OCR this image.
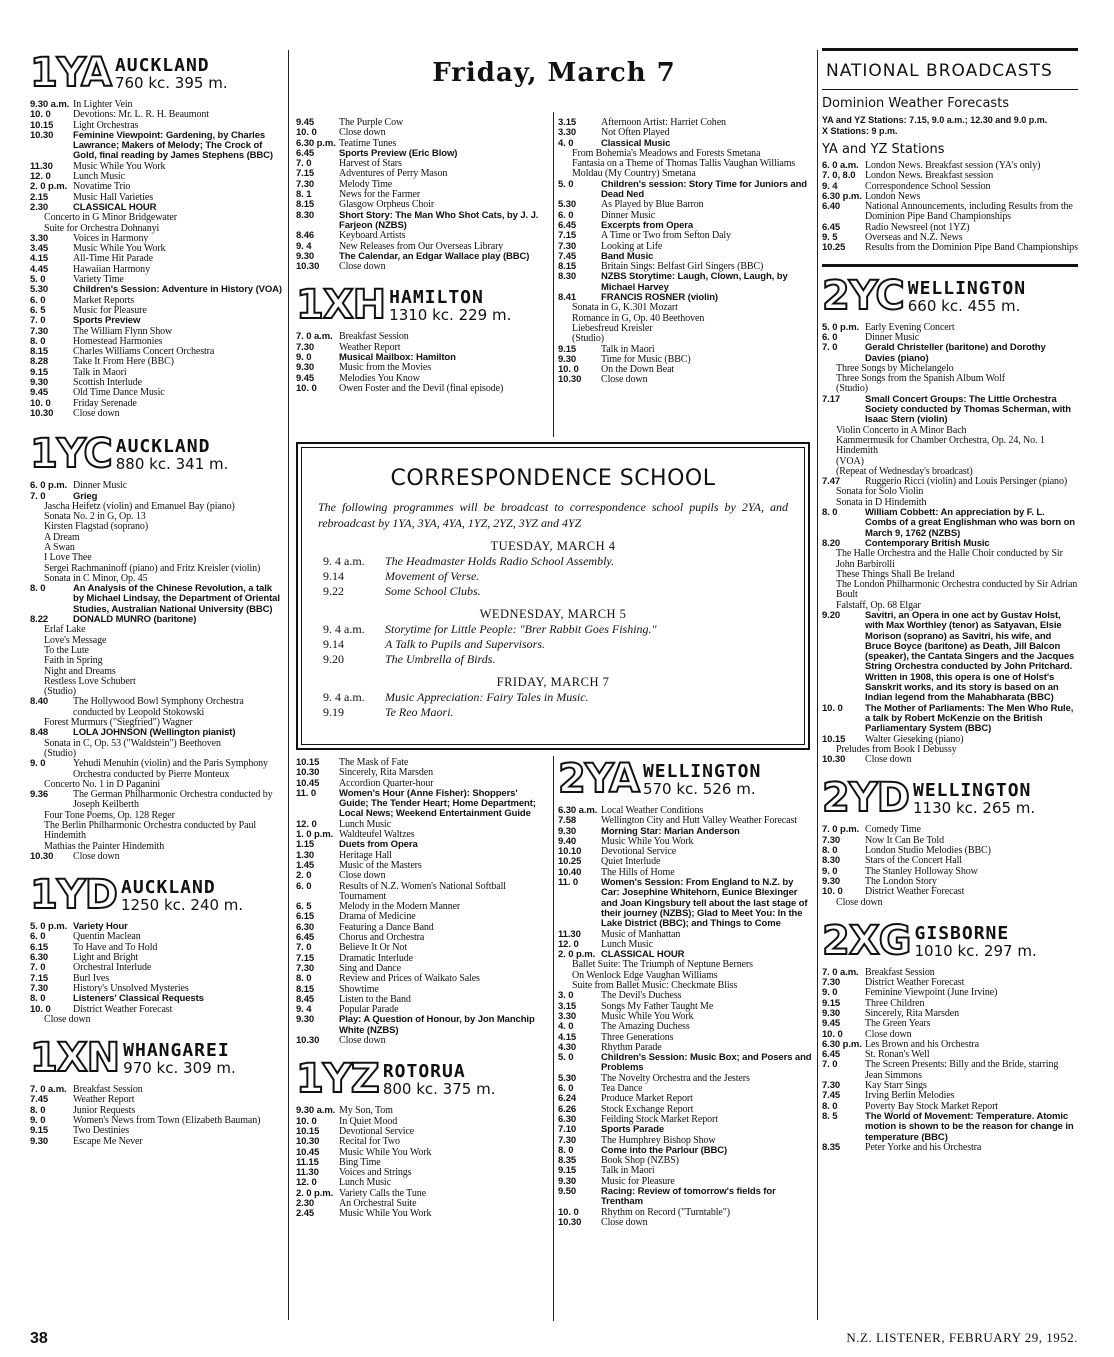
Friday, March 7
1YA AUCKLAND
760 kc. 395 m.
9.30 a.m. In Lighter Vein
10. 0	Devotions: Mr. L. R. H. Beaumont
10.15	Light Orchestras
10.30	Feminine Viewpoint: Gardening, by Charles Lawrance; Makers of Melody; The Crock of Gold, final reading by James Stephens (BBC)
11.30	Music While You Work
12. 0	Lunch Music
2. 0 p.m. Novatime Trio
2.15	Music Hall Varieties
2.30	CLASSICAL HOUR
Concerto in G Minor Bridgewater
Suite for Orchestra Dohnanyi
3.30	Voices in Harmony
3.45	Music While You Work
4.15	All-Time Hit Parade
4.45	Hawaiian Harmony
5. 0	Variety Time
5.30	Children's Session: Adventure in History (VOA)
6. 0	Market Reports
6. 5	Music for Pleasure
7. 0	Sports Preview
7.30	The William Flynn Show
8. 0	Homestead Harmonies
8.15	Charles Williams Concert Orchestra
8.28	Take It From Here (BBC)
9.15	Talk in Maori
9.30	Scottish Interlude
9.45	Old Time Dance Music
10. 0	Friday Serenade
10.30	Close down
1YC AUCKLAND
880 kc. 341 m.
6. 0 p.m. Dinner Music
7. 0	Grieg
Jascha Heifetz (violin) and Emanuel Bay (piano)
Sonata No. 2 in G, Op. 13
Kirsten Flagstad (soprano)
A Dream
A Swan
I Love Thee
Sergei Rachmaninoff (piano) and Fritz Kreisler (violin)
Sonata in C Minor, Op. 45
8. 0	An Analysis of the Chinese Revolution, a talk by Michael Lindsay, the Department of Oriental Studies, Australian National University (BBC)
8.22	DONALD MUNRO (baritone)
Erlaf Lake
Love's Message
To the Lute
Faith in Spring
Night and Dreams
Restless Love Schubert
(Studio)
8.40	The Hollywood Bowl Symphony Orchestra conducted by Leopold Stokowski
Forest Murmurs ("Siegfried") Wagner
8.48	LOLA JOHNSON (Wellington pianist)
Sonata in C, Op. 53 ("Waldstein") Beethoven
(Studio)
9. 0	Yehudi Menuhin (violin) and the Paris Symphony Orchestra conducted by Pierre Monteux
Concerto No. 1 in D Paganini
9.36	The German Philharmonic Orchestra conducted by Joseph Keilberth
Four Tone Poems, Op. 128 Reger
The Berlin Philharmonic Orchestra conducted by Paul Hindemith
Mathias the Painter Hindemith
10.30	Close down
1YD AUCKLAND
1250 kc. 240 m.
5. 0 p.m. Variety Hour
6. 0	Quentin Maclean
6.15	To Have and To Hold
6.30	Light and Bright
7. 0	Orchestral Interlude
7.15	Burl Ives
7.30	History's Unsolved Mysteries
8. 0	Listeners' Classical Requests
10. 0	District Weather Forecast
Close down
1XN WHANGAREI
970 kc. 309 m.
7. 0 a.m. Breakfast Session
7.45	Weather Report
8. 0	Junior Requests
9. 0	Women's News from Town (Elizabeth Bauman)
9.15	Two Destinies
9.30	Escape Me Never
9.45	The Purple Cow
10. 0	Close down
6.30 p.m. Teatime Tunes
6.45	Sports Preview (Eric Blow)
7. 0	Harvest of Stars
7.15	Adventures of Perry Mason
7.30	Melody Time
8. 1	News for the Farmer
8.15	Glasgow Orpheus Choir
8.30	Short Story: The Man Who Shot Cats, by J. J. Farjeon (NZBS)
8.46	Keyboard Artists
9. 4	New Releases from Our Overseas Library
9.30	The Calendar, an Edgar Wallace play (BBC)
10.30	Close down
1XH HAMILTON
1310 kc. 229 m.
7. 0 a.m. Breakfast Session
7.30	Weather Report
9. 0	Musical Mailbox: Hamilton
9.30	Music from the Movies
9.45	Melodies You Know
10. 0	Owen Foster and the Devil (final episode)
3.15	Afternoon Artist: Harriet Cohen
3.30	Not Often Played
4. 0	Classical Music
From Bohemia's Meadows and Forests Smetana
Fantasia on a Theme of Thomas Tallis Vaughan Williams
Moldau (My Country) Smetana
5. 0	Children's session: Story Time for Juniors and Dead Ned
5.30	As Played by Blue Barron
6. 0	Dinner Music
6.45	Excerpts from Opera
7.15	A Time or Two from Sefton Daly
7.30	Looking at Life
7.45	Band Music
8.15	Britain Sings: Belfast Girl Singers (BBC)
8.30	NZBS Storytime: Laugh, Clown, Laugh, by Michael Harvey
8.41	FRANCIS ROSNER (violin)
Sonata in G, K.301 Mozart
Romance in G, Op. 40 Beethoven
Liebesfreud Kreisler
(Studio)
9.15	Talk in Maori
9.30	Time for Music (BBC)
10. 0	On the Down Beat
10.30	Close down
CORRESPONDENCE SCHOOL
The following programmes will be broadcast to correspondence school pupils by 2YA, and rebroadcast by 1YA, 3YA, 4YA, 1YZ, 2YZ, 3YZ and 4YZ
TUESDAY, MARCH 4
9. 4 a.m.	The Headmaster Holds Radio School Assembly.
9.14	Movement of Verse.
9.22	Some School Clubs.
WEDNESDAY, MARCH 5
9. 4 a.m.	Storytime for Little People: "Brer Rabbit Goes Fishing."
9.14	A Talk to Pupils and Supervisors.
9.20	The Umbrella of Birds.
FRIDAY, MARCH 7
9. 4 a.m.	Music Appreciation: Fairy Tales in Music.
9.19	Te Reo Maori.
10.15	The Mask of Fate
10.30	Sincerely, Rita Marsden
10.45	Accordion Quarter-hour
11. 0	Women's Hour (Anne Fisher): Shoppers' Guide; The Tender Heart; Home Department; Local News; Weekend Entertainment Guide
12. 0	Lunch Music
1. 0 p.m. Waldteufel Waltzes
1.15	Duets from Opera
1.30	Heritage Hall
1.45	Music of the Masters
2. 0	Close down
6. 0	Results of N.Z. Women's National Softball Tournament
6. 5	Melody in the Modern Manner
6.15	Drama of Medicine
6.30	Featuring a Dance Band
6.45	Chorus and Orchestra
7. 0	Believe It Or Not
7.15	Dramatic Interlude
7.30	Sing and Dance
8. 0	Review and Prices of Waikato Sales
8.15	Showtime
8.45	Listen to the Band
9. 4	Popular Parade
9.30	Play: A Question of Honour, by Jon Manchip White (NZBS)
10.30	Close down
1YZ ROTORUA
800 kc. 375 m.
9.30 a.m. My Son, Tom
10. 0	In Quiet Mood
10.15	Devotional Service
10.30	Recital for Two
10.45	Music While You Work
11.15	Bing Time
11.30	Voices and Strings
12. 0	Lunch Music
2. 0 p.m. Variety Calls the Tune
2.30	An Orchestral Suite
2.45	Music While You Work
2YA WELLINGTON
570 kc. 526 m.
6.30 a.m. Local Weather Conditions
7.58	Wellington City and Hutt Valley Weather Forecast
9.30	Morning Star: Marian Anderson
9.40	Music While You Work
10.10	Devotional Service
10.25	Quiet Interlude
10.40	The Hills of Home
11. 0	Women's Session: From England to N.Z. by Car: Josephine Whitehorn, Eunice Blexinger and Joan Kingsbury tell about the last stage of their journey (NZBS); Glad to Meet You: In the Lake District (BBC); and Things to Come
11.30	Music of Manhattan
12. 0	Lunch Music
2. 0 p.m. CLASSICAL HOUR
Ballet Suite: The Triumph of Neptune Berners
On Wenlock Edge Vaughan Williams
Suite from Ballet Music: Checkmate Bliss
3. 0	The Devil's Duchess
3.15	Songs My Father Taught Me
3.30	Music While You Work
4. 0	The Amazing Duchess
4.15	Three Generations
4.30	Rhythm Parade
5. 0	Children's Session: Music Box; and Posers and Problems
5.30	The Novelty Orchestra and the Jesters
6. 0	Tea Dance
6.24	Produce Market Report
6.26	Stock Exchange Report
6.30	Feilding Stock Market Report
7.10	Sports Parade
7.30	The Humphrey Bishop Show
8. 0	Come into the Parlour (BBC)
8.35	Book Shop (NZBS)
9.15	Talk in Maori
9.30	Music for Pleasure
9.50	Racing: Review of tomorrow's fields for Trentham
10. 0	Rhythm on Record ("Turntable")
10.30	Close down
NATIONAL BROADCASTS
Dominion Weather Forecasts
YA and YZ Stations: 7.15, 9.0 a.m.; 12.30 and 9.0 p.m.
X Stations: 9 p.m.
YA and YZ Stations
6. 0 a.m. London News. Breakfast session (YA's only)
7. 0, 8.0 London News. Breakfast session
9. 4	Correspondence School Session
6.30 p.m. London News
6.40	National Announcements, including Results from the Dominion Pipe Band Championships
6.45	Radio Newsreel (not 1YZ)
9. 5	Overseas and N.Z. News
10.25	Results from the Dominion Pipe Band Championships
2YC WELLINGTON
660 kc. 455 m.
5. 0 p.m. Early Evening Concert
6. 0	Dinner Music
7. 0	Gerald Christeller (baritone) and Dorothy Davies (piano)
Three Songs by Michelangelo
Three Songs from the Spanish Album Wolf
(Studio)
7.17	Small Concert Groups: The Little Orchestra Society conducted by Thomas Scherman, with Isaac Stern (violin)
Violin Concerto in A Minor Bach
Kammermusik for Chamber Orchestra, Op. 24, No. 1 Hindemith
(VOA)
(Repeat of Wednesday's broadcast)
7.47	Ruggerio Ricci (violin) and Louis Persinger (piano)
Sonata for Solo Violin
Sonata in D Hindemith
8. 0	William Cobbett: An appreciation by F. L. Combs of a great Englishman who was born on March 9, 1762 (NZBS)
8.20	Contemporary British Music
The Halle Orchestra and the Halle Choir conducted by Sir John Barbirolli
These Things Shall Be Ireland
The London Philharmonic Orchestra conducted by Sir Adrian Boult
Falstaff, Op. 68 Elgar
9.20	Savitri, an Opera in one act by Gustav Holst, with Max Worthley (tenor) as Satyavan, Elsie Morison (soprano) as Savitri, his wife, and Bruce Boyce (baritone) as Death, Jill Balcon (speaker), the Cantata Singers and the Jacques String Orchestra conducted by John Pritchard. Written in 1908, this opera is one of Holst's Sanskrit works, and its story is based on an Indian legend from the Mahabharata (BBC)
10. 0	The Mother of Parliaments: The Men Who Rule, a talk by Robert McKenzie on the British Parliamentary System (BBC)
10.15	Walter Gieseking (piano)
Preludes from Book I Debussy
10.30	Close down
2YD WELLINGTON
1130 kc. 265 m.
7. 0 p.m. Comedy Time
7.30	Now It Can Be Told
8. 0	London Studio Melodies (BBC)
8.30	Stars of the Concert Hall
9. 0	The Stanley Holloway Show
9.30	The London Story
10. 0	District Weather Forecast
Close down
2XG GISBORNE
1010 kc. 297 m.
7. 0 a.m. Breakfast Session
7.30	District Weather Forecast
9. 0	Feminine Viewpoint (June Irvine)
9.15	Three Children
9.30	Sincerely, Rita Marsden
9.45	The Green Years
10. 0	Close down
6.30 p.m. Les Brown and his Orchestra
6.45	St. Ronan's Well
7. 0	The Screen Presents: Billy and the Bride, starring Jean Simmons
7.30	Kay Starr Sings
7.45	Irving Berlin Melodies
8. 0	Poverty Bay Stock Market Report
8. 5	The World of Movement: Temperature. Atomic motion is shown to be the reason for change in temperature (BBC)
8.35	Peter Yorke and his Orchestra
38	N.Z. LISTENER, FEBRUARY 29, 1952.
